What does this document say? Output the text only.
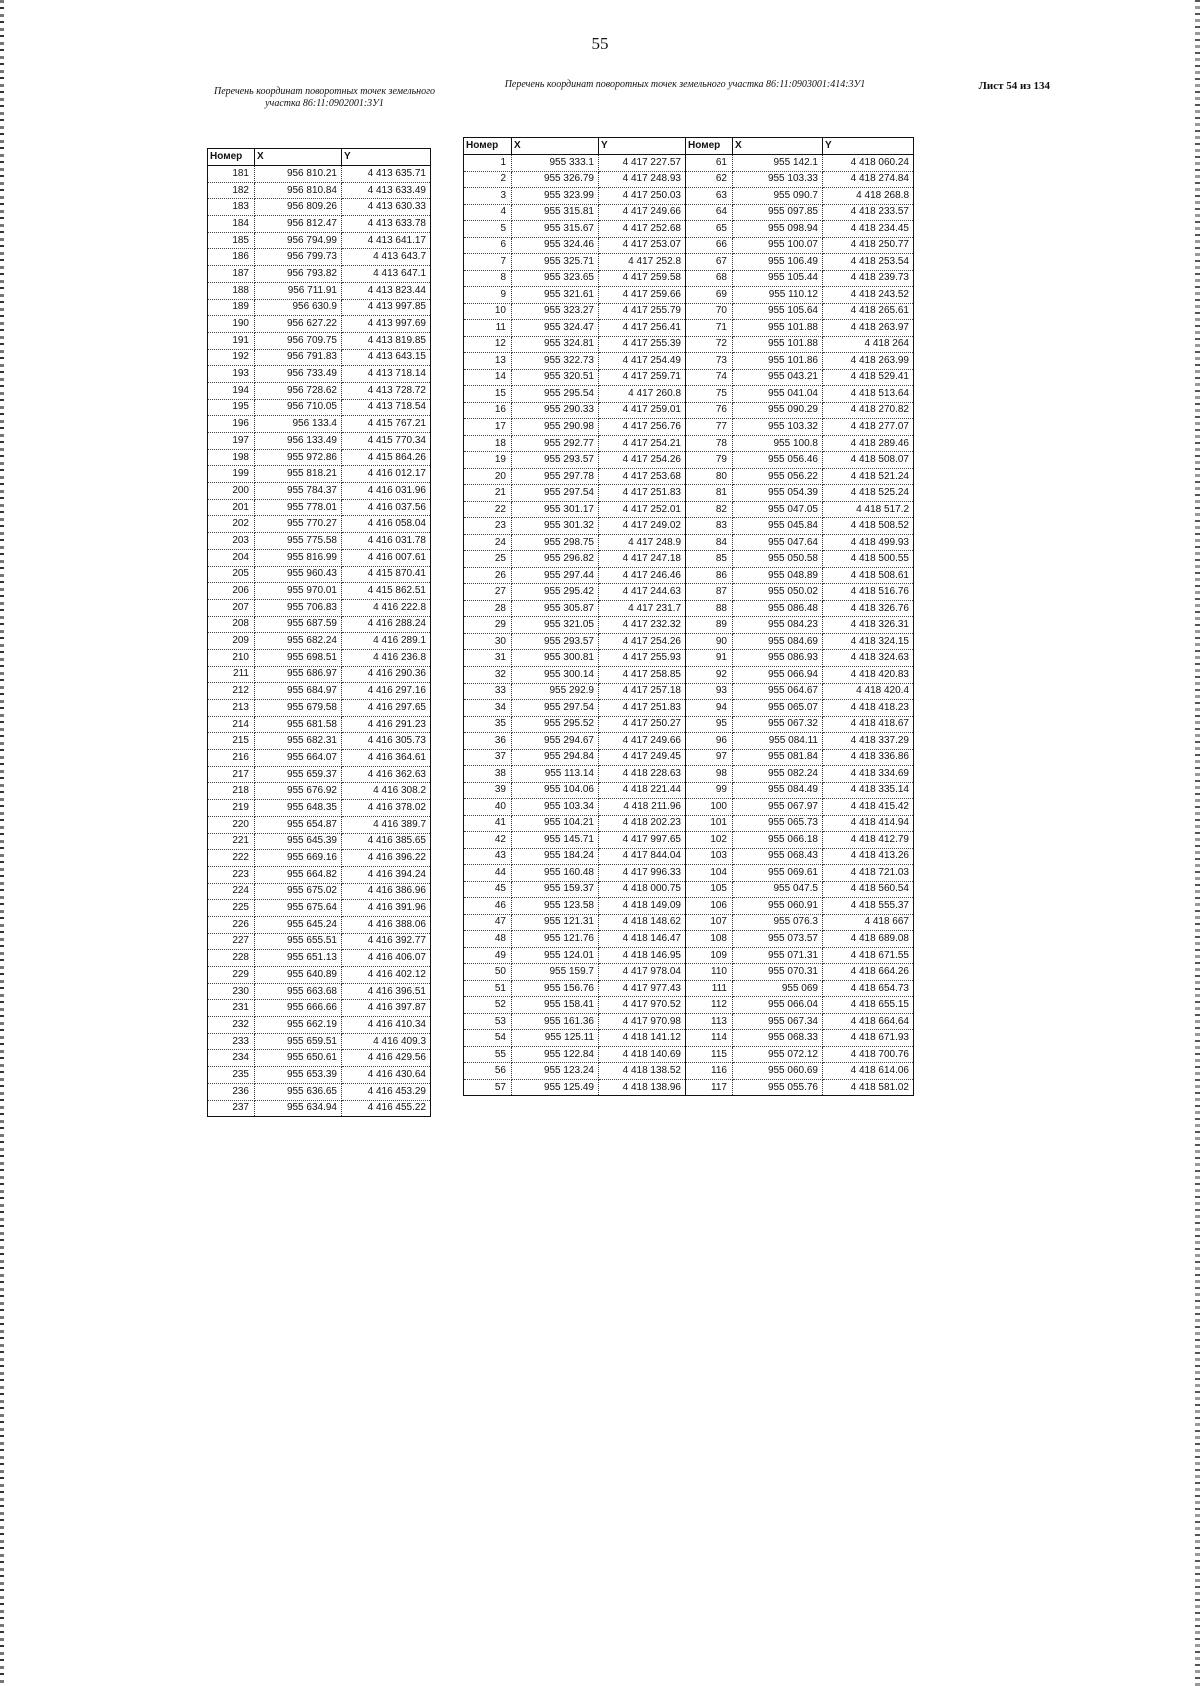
55
Перечень координат поворотных точек земельного участка 86:11:0902001:3У1
Перечень координат поворотных точек земельного участка 86:11:0903001:414:3У1	Лист 54 из 134
Номер	X	Y
181	956 810.21	4 413 635.71
182	956 810.84	4 413 633.49
183	956 809.26	4 413 630.33
184	956 812.47	4 413 633.78
185	956 794.99	4 413 641.17
186	956 799.73	4 413 643.7
187	956 793.82	4 413 647.1
188	956 711.91	4 413 823.44
189	956 630.9	4 413 997.85
190	956 627.22	4 413 997.69
191	956 709.75	4 413 819.85
192	956 791.83	4 413 643.15
193	956 733.49	4 413 718.14
194	956 728.62	4 413 728.72
195	956 710.05	4 413 718.54
196	956 133.4	4 415 767.21
197	956 133.49	4 415 770.34
198	955 972.86	4 415 864.26
199	955 818.21	4 416 012.17
200	955 784.37	4 416 031.96
201	955 778.01	4 416 037.56
202	955 770.27	4 416 058.04
203	955 775.58	4 416 031.78
204	955 816.99	4 416 007.61
205	955 960.43	4 415 870.41
206	955 970.01	4 415 862.51
207	955 706.83	4 416 222.8
208	955 687.59	4 416 288.24
209	955 682.24	4 416 289.1
210	955 698.51	4 416 236.8
211	955 686.97	4 416 290.36
212	955 684.97	4 416 297.16
213	955 679.58	4 416 297.65
214	955 681.58	4 416 291.23
215	955 682.31	4 416 305.73
216	955 664.07	4 416 364.61
217	955 659.37	4 416 362.63
218	955 676.92	4 416 308.2
219	955 648.35	4 416 378.02
220	955 654.87	4 416 389.7
221	955 645.39	4 416 385.65
222	955 669.16	4 416 396.22
223	955 664.82	4 416 394.24
224	955 675.02	4 416 386.96
225	955 675.64	4 416 391.96
226	955 645.24	4 416 388.06
227	955 655.51	4 416 392.77
228	955 651.13	4 416 406.07
229	955 640.89	4 416 402.12
230	955 663.68	4 416 396.51
231	955 666.66	4 416 397.87
232	955 662.19	4 416 410.34
233	955 659.51	4 416 409.3
234	955 650.61	4 416 429.56
235	955 653.39	4 416 430.64
236	955 636.65	4 416 453.29
237	955 634.94	4 416 455.22
Номер	X	Y	Номер	X	Y
1	955 333.1	4 417 227.57	61	955 142.1	4 418 060.24
2	955 326.79	4 417 248.93	62	955 103.33	4 418 274.84
3	955 323.99	4 417 250.03	63	955 090.7	4 418 268.8
4	955 315.81	4 417 249.66	64	955 097.85	4 418 233.57
5	955 315.67	4 417 252.68	65	955 098.94	4 418 234.45
6	955 324.46	4 417 253.07	66	955 100.07	4 418 250.77
7	955 325.71	4 417 252.8	67	955 106.49	4 418 253.54
8	955 323.65	4 417 259.58	68	955 105.44	4 418 239.73
9	955 321.61	4 417 259.66	69	955 110.12	4 418 243.52
10	955 323.27	4 417 255.79	70	955 105.64	4 418 265.61
11	955 324.47	4 417 256.41	71	955 101.88	4 418 263.97
12	955 324.81	4 417 255.39	72	955 101.88	4 418 264
13	955 322.73	4 417 254.49	73	955 101.86	4 418 263.99
14	955 320.51	4 417 259.71	74	955 043.21	4 418 529.41
15	955 295.54	4 417 260.8	75	955 041.04	4 418 513.64
16	955 290.33	4 417 259.01	76	955 090.29	4 418 270.82
17	955 290.98	4 417 256.76	77	955 103.32	4 418 277.07
18	955 292.77	4 417 254.21	78	955 100.8	4 418 289.46
19	955 293.57	4 417 254.26	79	955 056.46	4 418 508.07
20	955 297.78	4 417 253.68	80	955 056.22	4 418 521.24
21	955 297.54	4 417 251.83	81	955 054.39	4 418 525.24
22	955 301.17	4 417 252.01	82	955 047.05	4 418 517.2
23	955 301.32	4 417 249.02	83	955 045.84	4 418 508.52
24	955 298.75	4 417 248.9	84	955 047.64	4 418 499.93
25	955 296.82	4 417 247.18	85	955 050.58	4 418 500.55
26	955 297.44	4 417 246.46	86	955 048.89	4 418 508.61
27	955 295.42	4 417 244.63	87	955 050.02	4 418 516.76
28	955 305.87	4 417 231.7	88	955 086.48	4 418 326.76
29	955 321.05	4 417 232.32	89	955 084.23	4 418 326.31
30	955 293.57	4 417 254.26	90	955 084.69	4 418 324.15
31	955 300.81	4 417 255.93	91	955 086.93	4 418 324.63
32	955 300.14	4 417 258.85	92	955 066.94	4 418 420.83
33	955 292.9	4 417 257.18	93	955 064.67	4 418 420.4
34	955 297.54	4 417 251.83	94	955 065.07	4 418 418.23
35	955 295.52	4 417 250.27	95	955 067.32	4 418 418.67
36	955 294.67	4 417 249.66	96	955 084.11	4 418 337.29
37	955 294.84	4 417 249.45	97	955 081.84	4 418 336.86
38	955 113.14	4 418 228.63	98	955 082.24	4 418 334.69
39	955 104.06	4 418 221.44	99	955 084.49	4 418 335.14
40	955 103.34	4 418 211.96	100	955 067.97	4 418 415.42
41	955 104.21	4 418 202.23	101	955 065.73	4 418 414.94
42	955 145.71	4 417 997.65	102	955 066.18	4 418 412.79
43	955 184.24	4 417 844.04	103	955 068.43	4 418 413.26
44	955 160.48	4 417 996.33	104	955 069.61	4 418 721.03
45	955 159.37	4 418 000.75	105	955 047.5	4 418 560.54
46	955 123.58	4 418 149.09	106	955 060.91	4 418 555.37
47	955 121.31	4 418 148.62	107	955 076.3	4 418 667
48	955 121.76	4 418 146.47	108	955 073.57	4 418 689.08
49	955 124.01	4 418 146.95	109	955 071.31	4 418 671.55
50	955 159.7	4 417 978.04	110	955 070.31	4 418 664.26
51	955 156.76	4 417 977.43	111	955 069	4 418 654.73
52	955 158.41	4 417 970.52	112	955 066.04	4 418 655.15
53	955 161.36	4 417 970.98	113	955 067.34	4 418 664.64
54	955 125.11	4 418 141.12	114	955 068.33	4 418 671.93
55	955 122.84	4 418 140.69	115	955 072.12	4 418 700.76
56	955 123.24	4 418 138.52	116	955 060.69	4 418 614.06
57	955 125.49	4 418 138.96	117	955 055.76	4 418 581.02
